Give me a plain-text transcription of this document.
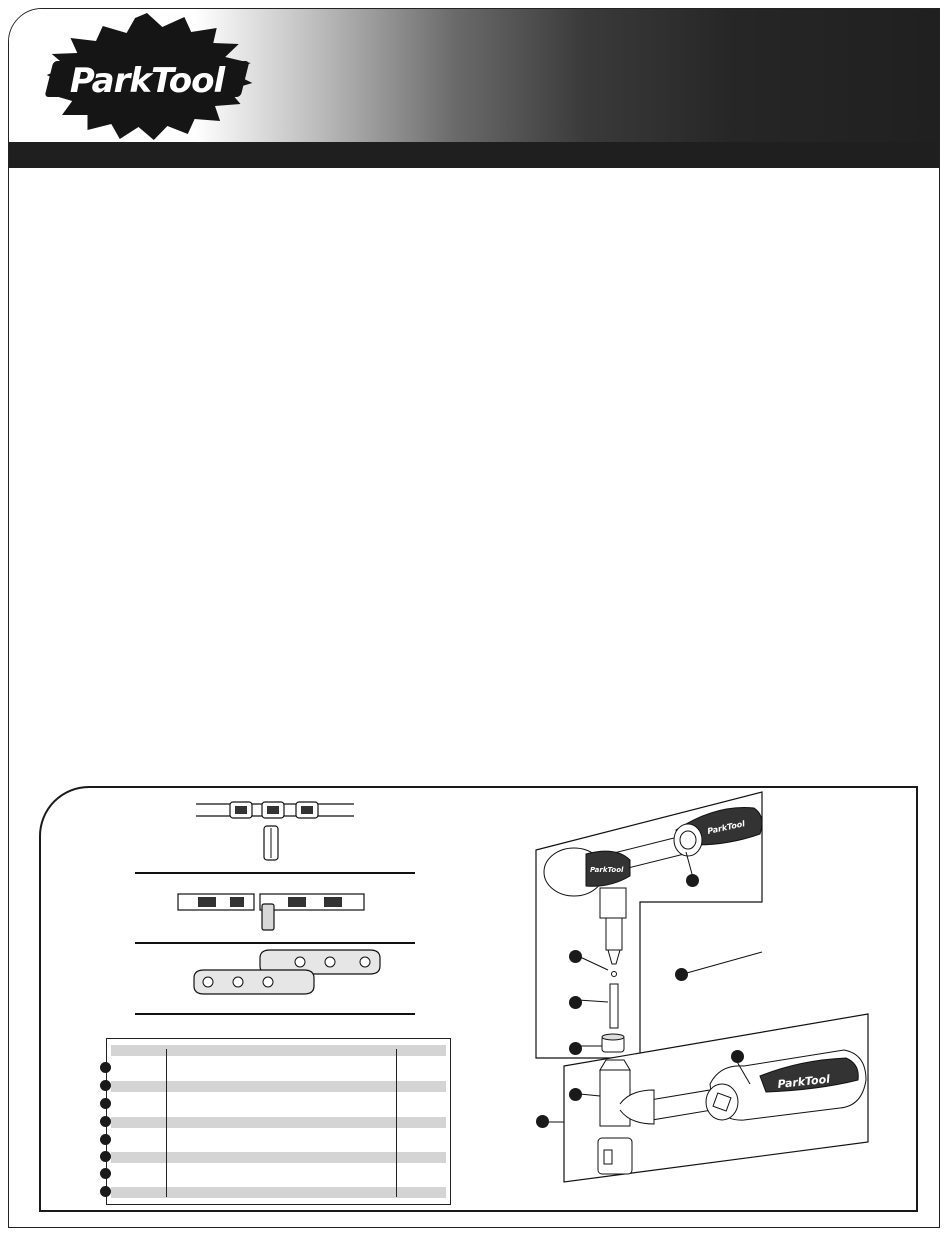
ParkTool
ParkTool
ParkTool
ParkTool
